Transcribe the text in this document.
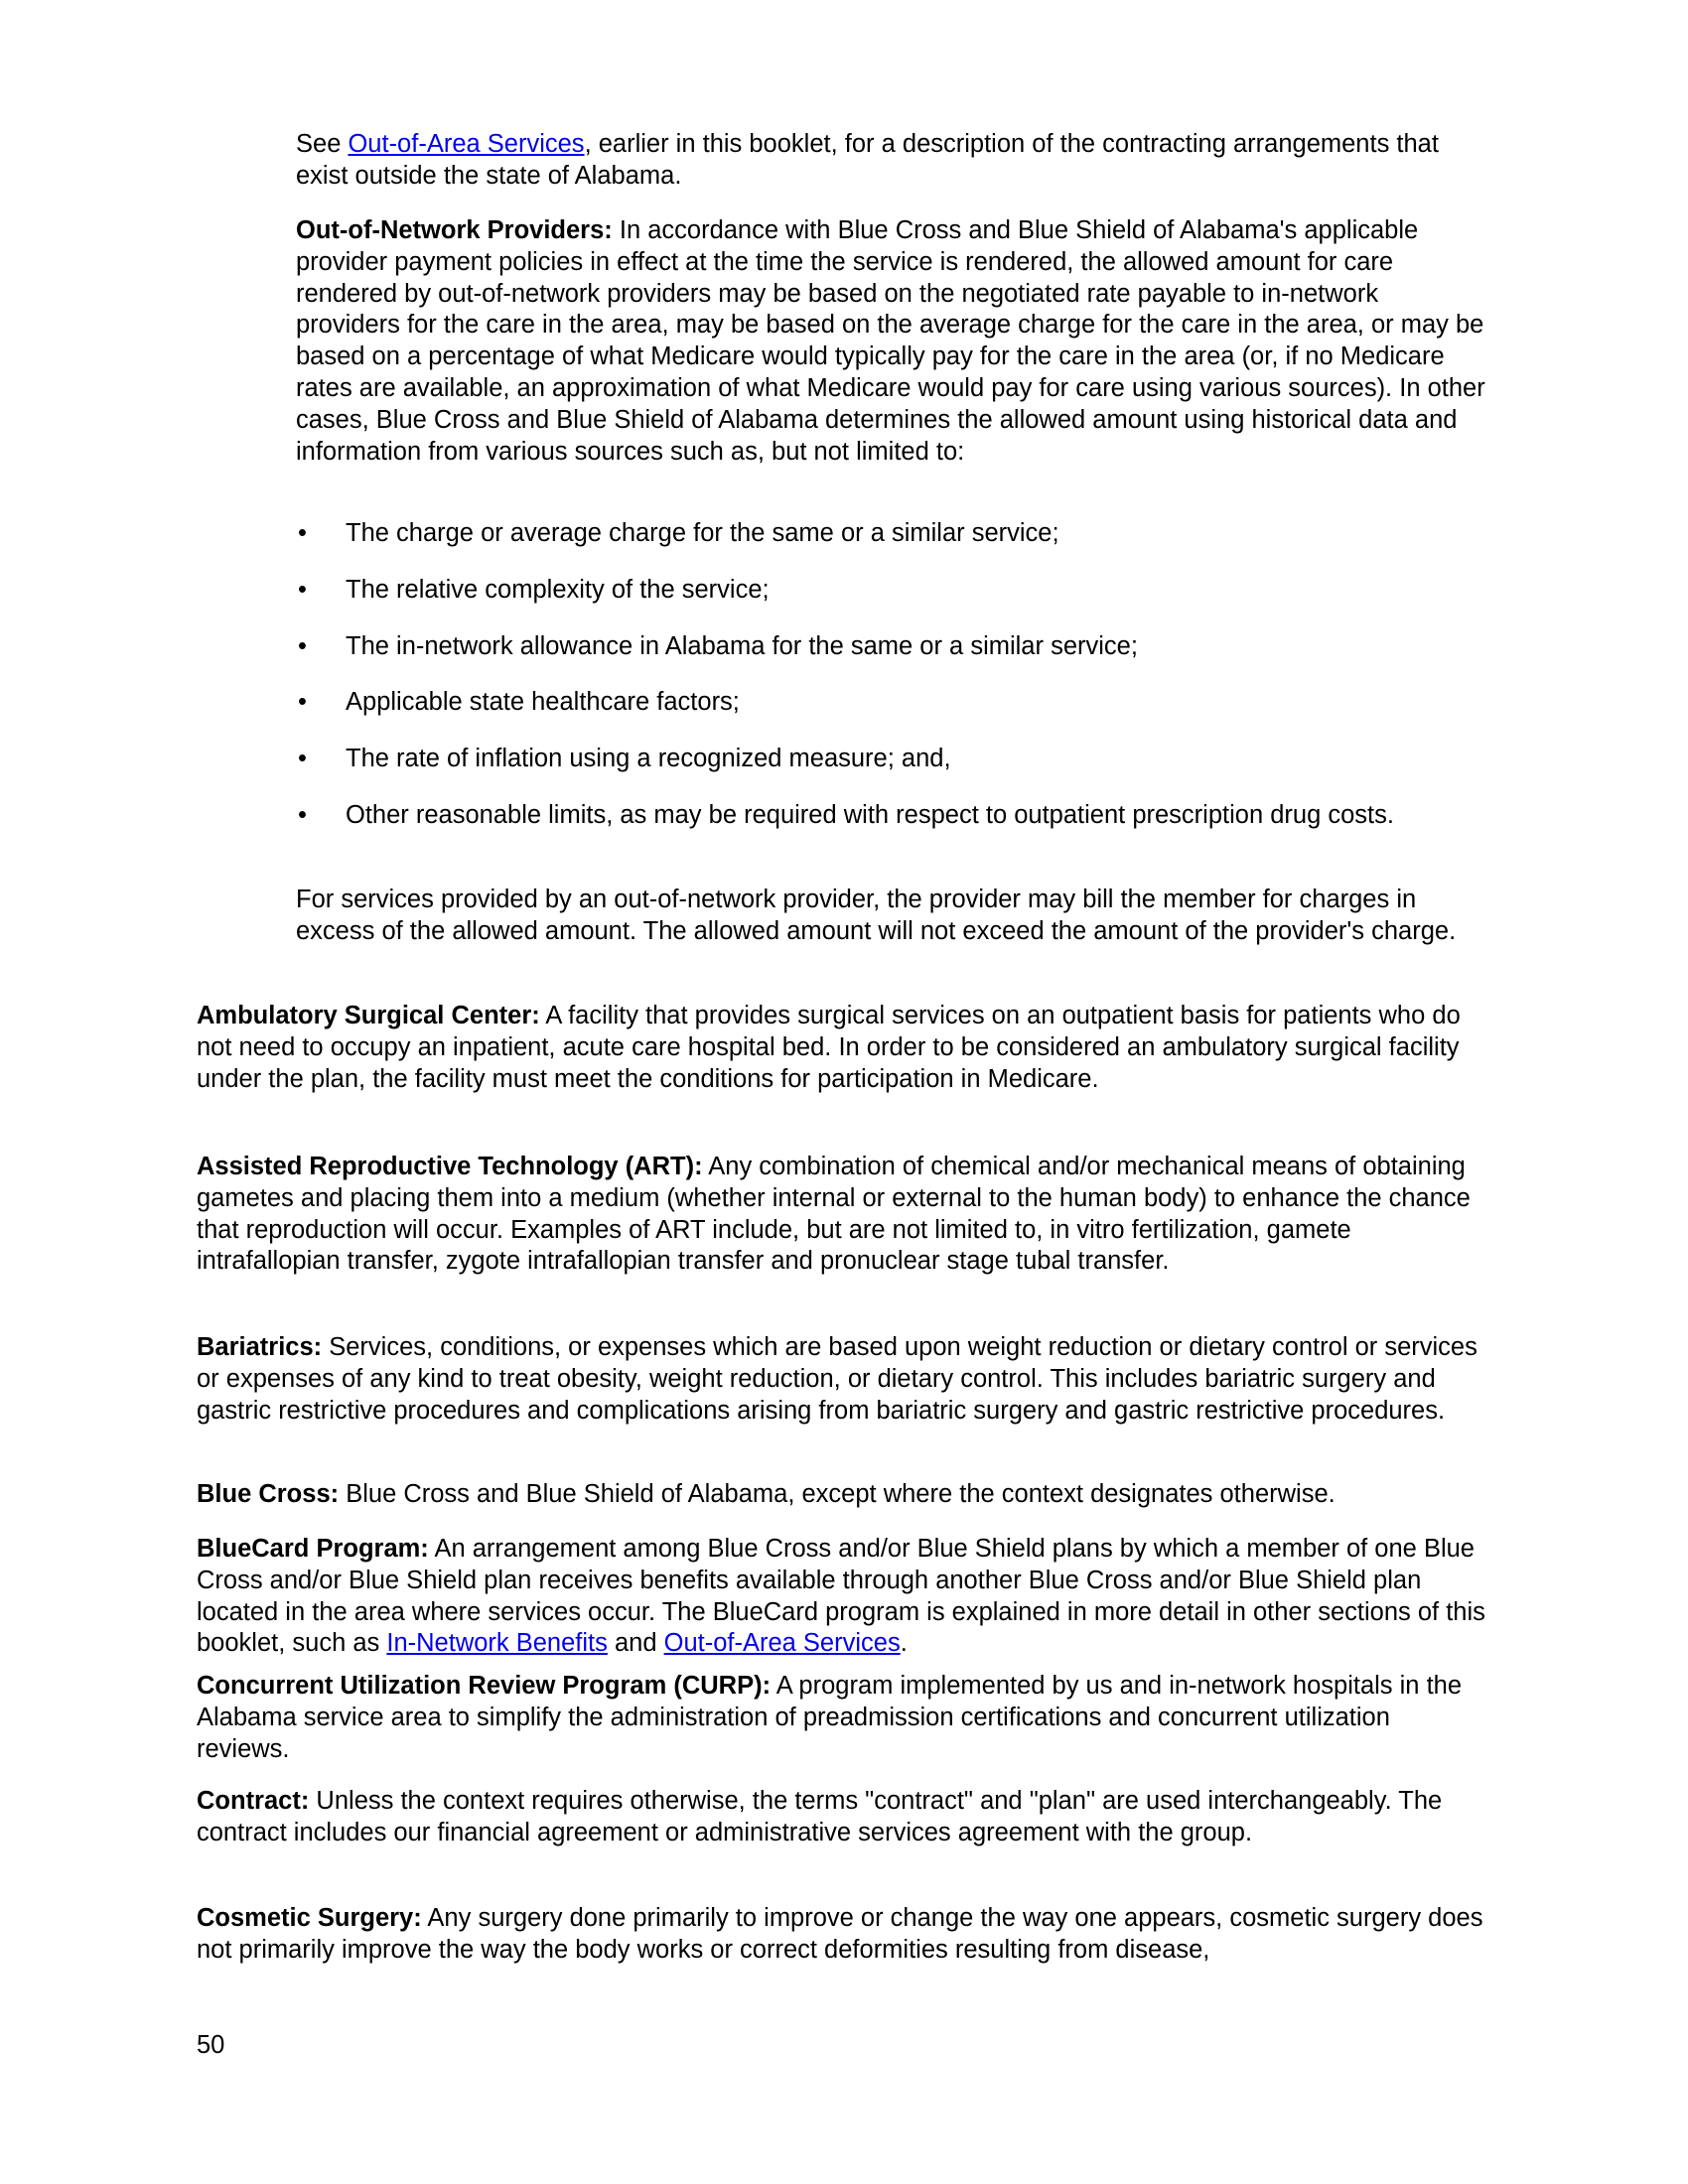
See Out-of-Area Services, earlier in this booklet, for a description of the contracting arrangements that exist outside the state of Alabama.

Out-of-Network Providers: In accordance with Blue Cross and Blue Shield of Alabama's applicable provider payment policies in effect at the time the service is rendered, the allowed amount for care rendered by out-of-network providers may be based on the negotiated rate payable to in-network providers for the care in the area, may be based on the average charge for the care in the area, or may be based on a percentage of what Medicare would typically pay for the care in the area (or, if no Medicare rates are available, an approximation of what Medicare would pay for care using various sources). In other cases, Blue Cross and Blue Shield of Alabama determines the allowed amount using historical data and information from various sources such as, but not limited to:

• The charge or average charge for the same or a similar service;
• The relative complexity of the service;
• The in-network allowance in Alabama for the same or a similar service;
• Applicable state healthcare factors;
• The rate of inflation using a recognized measure; and,
• Other reasonable limits, as may be required with respect to outpatient prescription drug costs.

For services provided by an out-of-network provider, the provider may bill the member for charges in excess of the allowed amount. The allowed amount will not exceed the amount of the provider's charge.

Ambulatory Surgical Center: A facility that provides surgical services on an outpatient basis for patients who do not need to occupy an inpatient, acute care hospital bed. In order to be considered an ambulatory surgical facility under the plan, the facility must meet the conditions for participation in Medicare.

Assisted Reproductive Technology (ART): Any combination of chemical and/or mechanical means of obtaining gametes and placing them into a medium (whether internal or external to the human body) to enhance the chance that reproduction will occur. Examples of ART include, but are not limited to, in vitro fertilization, gamete intrafallopian transfer, zygote intrafallopian transfer and pronuclear stage tubal transfer.

Bariatrics: Services, conditions, or expenses which are based upon weight reduction or dietary control or services or expenses of any kind to treat obesity, weight reduction, or dietary control. This includes bariatric surgery and gastric restrictive procedures and complications arising from bariatric surgery and gastric restrictive procedures.

Blue Cross: Blue Cross and Blue Shield of Alabama, except where the context designates otherwise.

BlueCard Program: An arrangement among Blue Cross and/or Blue Shield plans by which a member of one Blue Cross and/or Blue Shield plan receives benefits available through another Blue Cross and/or Blue Shield plan located in the area where services occur. The BlueCard program is explained in more detail in other sections of this booklet, such as In-Network Benefits and Out-of-Area Services.

Concurrent Utilization Review Program (CURP): A program implemented by us and in-network hospitals in the Alabama service area to simplify the administration of preadmission certifications and concurrent utilization reviews.

Contract: Unless the context requires otherwise, the terms "contract" and "plan" are used interchangeably. The contract includes our financial agreement or administrative services agreement with the group.

Cosmetic Surgery: Any surgery done primarily to improve or change the way one appears, cosmetic surgery does not primarily improve the way the body works or correct deformities resulting from disease,

50
